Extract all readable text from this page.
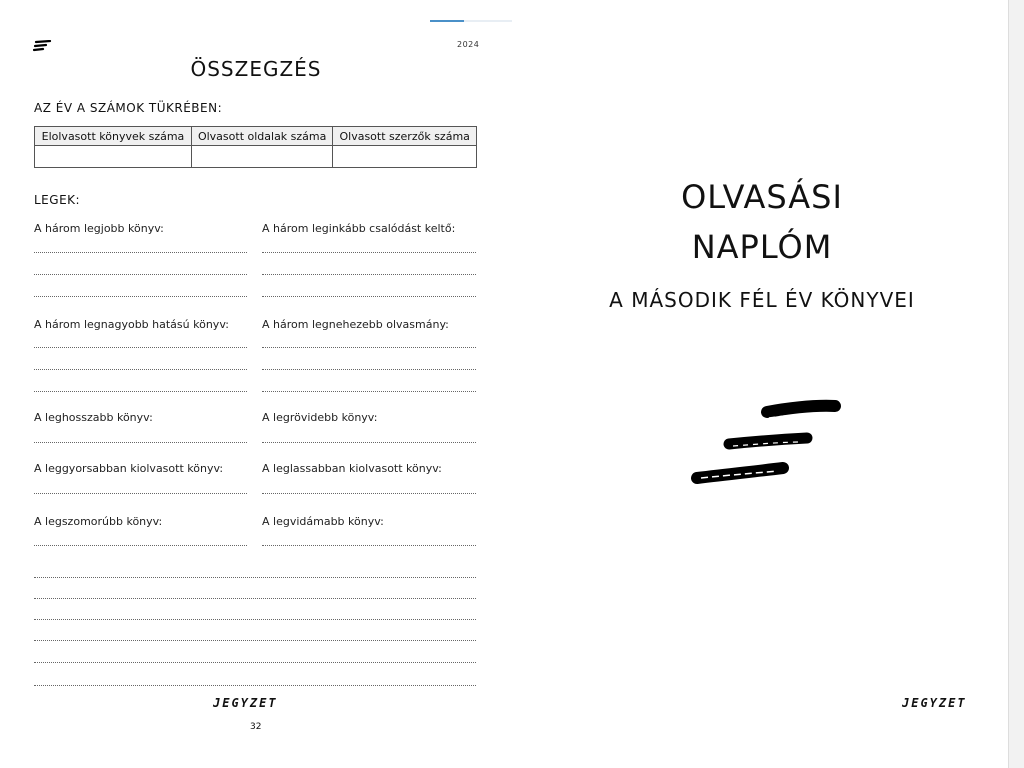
2024
ÖSSZEGZÉS
AZ ÉV A SZÁMOK TÜKRÉBEN:
Elolvasott könyvek száma	Olvasott oldalak száma	Olvasott szerzők száma

LEGEK:
A három legjobb könyv:	A három leginkább csalódást keltő:
A három legnagyobb hatású könyv:	A három legnehezebb olvasmány:
A leghosszabb könyv:	A legrövidebb könyv:
A leggyorsabban kiolvasott könyv:	A leglassabban kiolvasott könyv:
A legszomorúbb könyv:	A legvidámabb könyv:
JEGYZET
32
OLVASÁSI
NAPLÓM
A MÁSODIK FÉL ÉV KÖNYVEI
JEGYZET
